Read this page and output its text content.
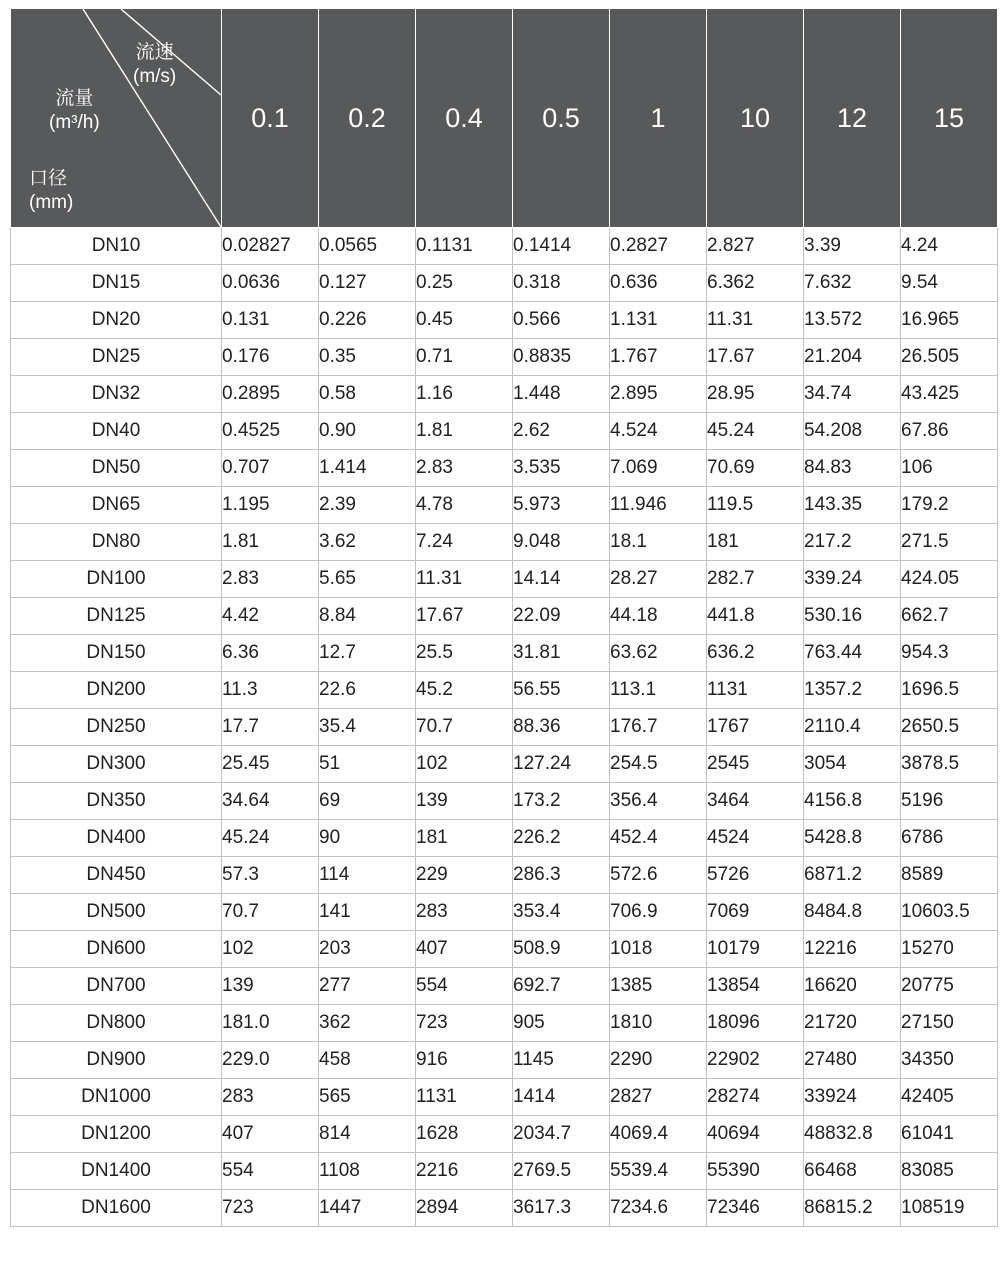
流速
(m/s)
流量
(m³/h)
口径
(mm)
	0.1	0.2	0.4	0.5	1	10	12	15
DN10	0.02827	0.0565	0.1131	0.1414	0.2827	2.827	3.39	4.24
DN15	0.0636	0.127	0.25	0.318	0.636	6.362	7.632	9.54
DN20	0.131	0.226	0.45	0.566	1.131	11.31	13.572	16.965
DN25	0.176	0.35	0.71	0.8835	1.767	17.67	21.204	26.505
DN32	0.2895	0.58	1.16	1.448	2.895	28.95	34.74	43.425
DN40	0.4525	0.90	1.81	2.62	4.524	45.24	54.208	67.86
DN50	0.707	1.414	2.83	3.535	7.069	70.69	84.83	106
DN65	1.195	2.39	4.78	5.973	11.946	119.5	143.35	179.2
DN80	1.81	3.62	7.24	9.048	18.1	181	217.2	271.5
DN100	2.83	5.65	11.31	14.14	28.27	282.7	339.24	424.05
DN125	4.42	8.84	17.67	22.09	44.18	441.8	530.16	662.7
DN150	6.36	12.7	25.5	31.81	63.62	636.2	763.44	954.3
DN200	11.3	22.6	45.2	56.55	113.1	1131	1357.2	1696.5
DN250	17.7	35.4	70.7	88.36	176.7	1767	2110.4	2650.5
DN300	25.45	51	102	127.24	254.5	2545	3054	3878.5
DN350	34.64	69	139	173.2	356.4	3464	4156.8	5196
DN400	45.24	90	181	226.2	452.4	4524	5428.8	6786
DN450	57.3	114	229	286.3	572.6	5726	6871.2	8589
DN500	70.7	141	283	353.4	706.9	7069	8484.8	10603.5
DN600	102	203	407	508.9	1018	10179	12216	15270
DN700	139	277	554	692.7	1385	13854	16620	20775
DN800	181.0	362	723	905	1810	18096	21720	27150
DN900	229.0	458	916	1145	2290	22902	27480	34350
DN1000	283	565	1131	1414	2827	28274	33924	42405
DN1200	407	814	1628	2034.7	4069.4	40694	48832.8	61041
DN1400	554	1108	2216	2769.5	5539.4	55390	66468	83085
DN1600	723	1447	2894	3617.3	7234.6	72346	86815.2	108519
